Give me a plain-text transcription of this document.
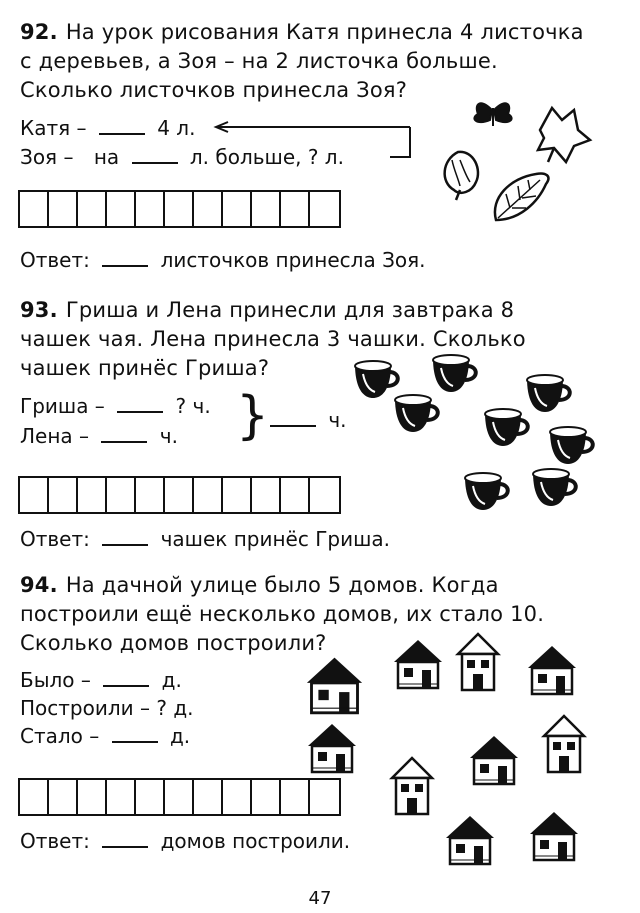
92. На урок рисования Катя принесла 4 листочка с деревьев, а Зоя – на 2 листочка больше. Сколько листочков принесла Зоя?
Катя –	4 л.
Зоя – на	л. больше, ? л.
Ответ:	листочков принесла Зоя.
93. Гриша и Лена принесли для завтрака 8 чашек чая. Лена принесла 3 чашки. Сколько чашек принёс Гриша?
Гриша –	? ч.
Лена –	ч. }	ч.
Ответ:	чашек принёс Гриша.
94. На дачной улице было 5 домов. Когда построили ещё несколько домов, их стало 10. Сколько домов построили?
Было –	д.
Построили – ? д.
Стало –	д.
Ответ:	домов построили.
47
